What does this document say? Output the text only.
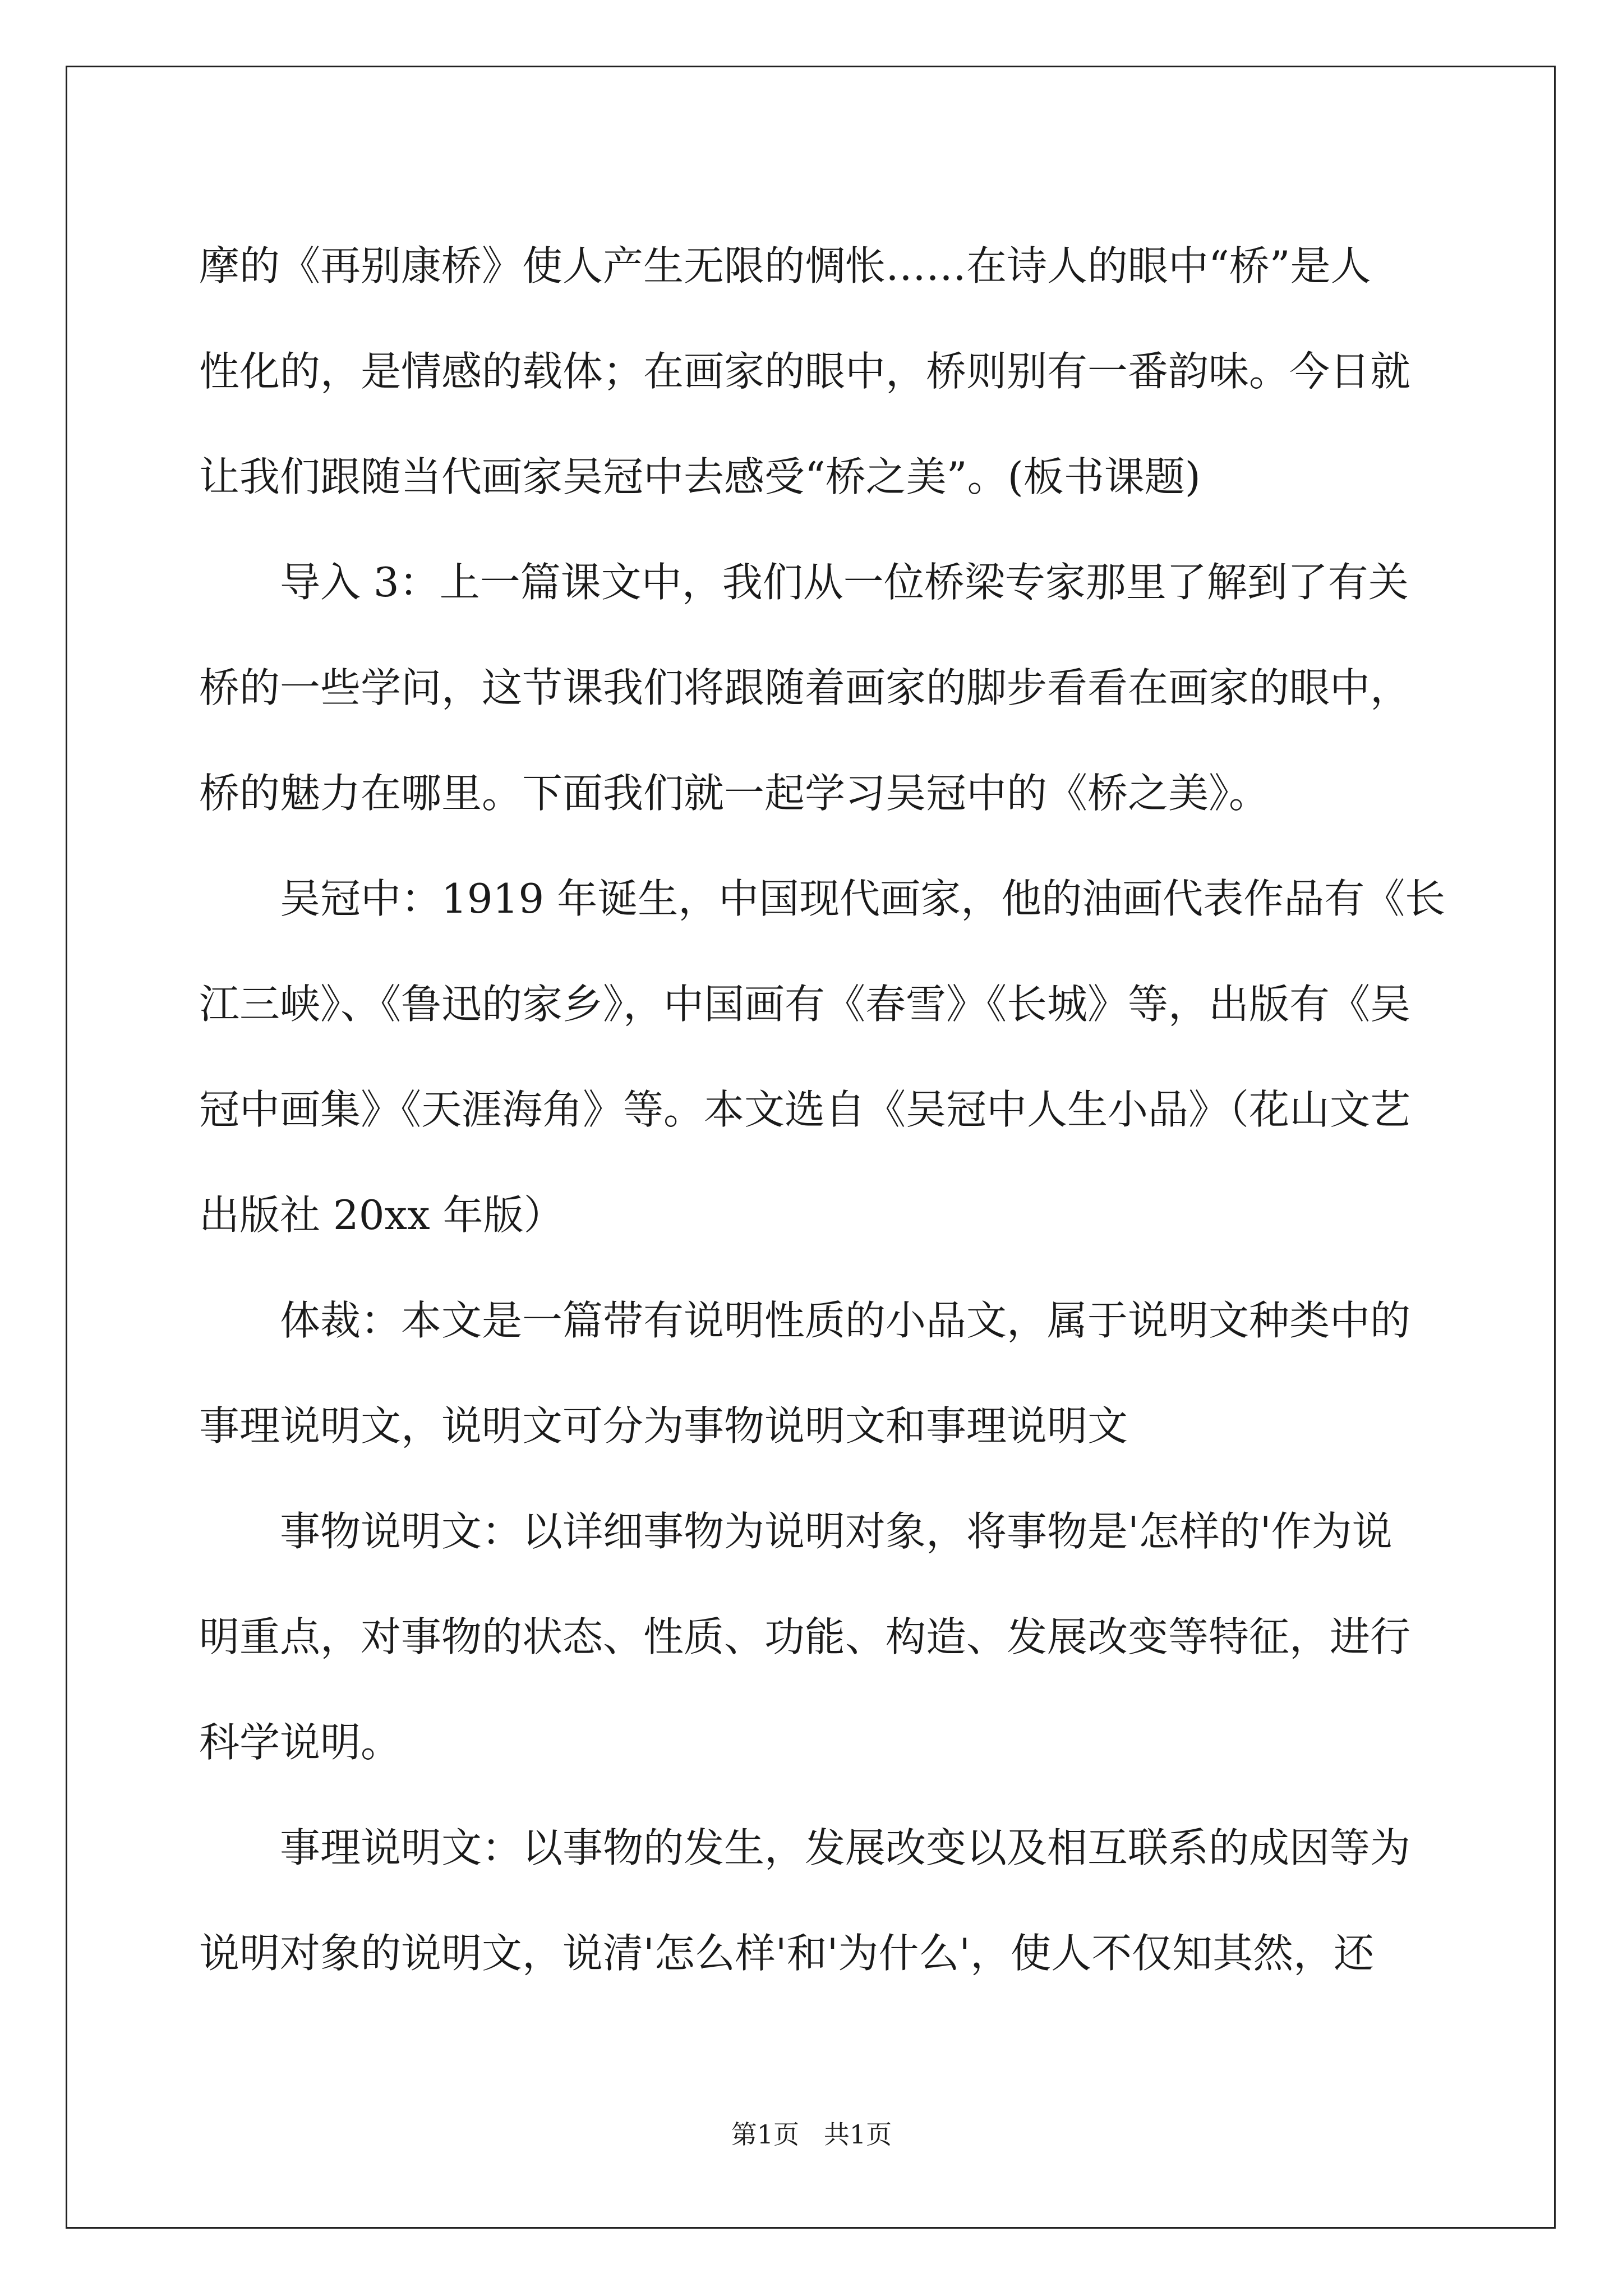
摩的《再别康桥》使人产生无限的惆怅……在诗人的眼中“桥”是人
性化的，是情感的载体；在画家的眼中，桥则别有一番韵味。今日就
让我们跟随当代画家吴冠中去感受“桥之美”。(板书课题)
导入 3：上一篇课文中，我们从一位桥梁专家那里了解到了有关
桥的一些学问，这节课我们将跟随着画家的脚步看看在画家的眼中，
桥的魅力在哪里。下面我们就一起学习吴冠中的《桥之美》。
吴冠中：1919 年诞生，中国现代画家，他的油画代表作品有《长
江三峡》、《鲁迅的家乡》，中国画有《春雪》《长城》等，出版有《吴
冠中画集》《天涯海角》等。本文选自《吴冠中人生小品》（花山文艺
出版社 20xx 年版）
体裁：本文是一篇带有说明性质的小品文，属于说明文种类中的
事理说明文，说明文可分为事物说明文和事理说明文
事物说明文：以详细事物为说明对象，将事物是'怎样的'作为说
明重点，对事物的状态、性质、功能、构造、发展改变等特征，进行
科学说明。
事理说明文：以事物的发生，发展改变以及相互联系的成因等为
说明对象的说明文，说清'怎么样'和'为什么'，使人不仅知其然，还
第1页   共1页
